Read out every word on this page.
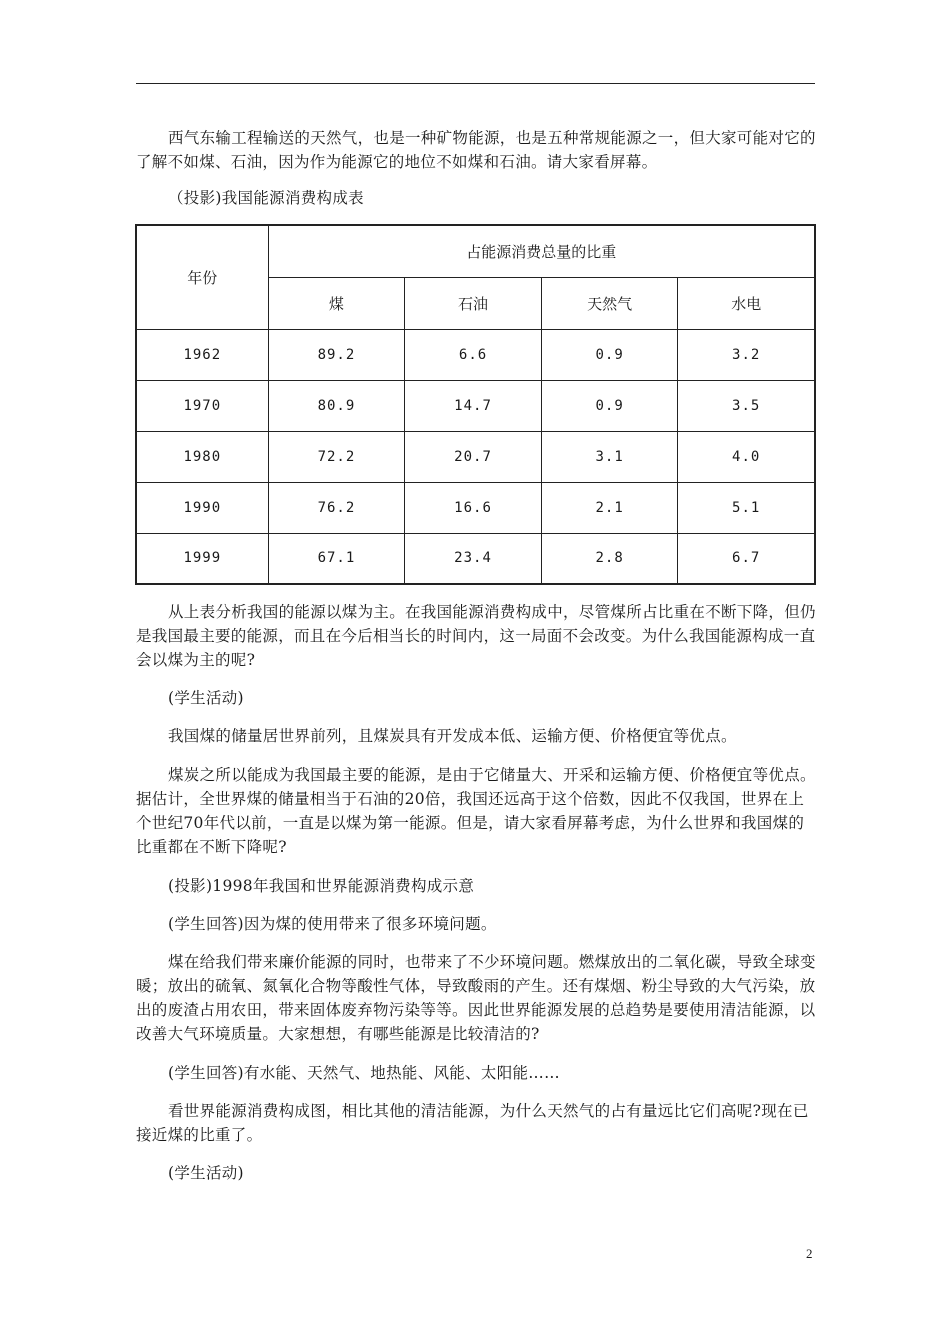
西气东输工程输送的天然气，也是一种矿物能源，也是五种常规能源之一，但大家可能对它的了解不如煤、石油，因为作为能源它的地位不如煤和石油。请大家看屏幕。

（投影)我国能源消费构成表

年份	占能源消费总量的比重			
	煤	石油	天然气	水电
1962	89.2	6.6	0.9	3.2
1970	80.9	14.7	0.9	3.5
1980	72.2	20.7	3.1	4.0
1990	76.2	16.6	2.1	5.1
1999	67.1	23.4	2.8	6.7

从上表分析我国的能源以煤为主。在我国能源消费构成中，尽管煤所占比重在不断下降，但仍是我国最主要的能源，而且在今后相当长的时间内，这一局面不会改变。为什么我国能源构成一直会以煤为主的呢?

(学生活动)

我国煤的储量居世界前列，且煤炭具有开发成本低、运输方便、价格便宜等优点。

煤炭之所以能成为我国最主要的能源，是由于它储量大、开采和运输方便、价格便宜等优点。据估计，全世界煤的储量相当于石油的20倍，我国还远高于这个倍数，因此不仅我国，世界在上个世纪70年代以前，一直是以煤为第一能源。但是，请大家看屏幕考虑，为什么世界和我国煤的比重都在不断下降呢?

(投影)1998年我国和世界能源消费构成示意

(学生回答)因为煤的使用带来了很多环境问题。

煤在给我们带来廉价能源的同时，也带来了不少环境问题。燃煤放出的二氧化碳，导致全球变暖；放出的硫氧、氮氧化合物等酸性气体，导致酸雨的产生。还有煤烟、粉尘导致的大气污染，放出的废渣占用农田，带来固体废弃物污染等等。因此世界能源发展的总趋势是要使用清洁能源，以改善大气环境质量。大家想想，有哪些能源是比较清洁的?

(学生回答)有水能、天然气、地热能、风能、太阳能……

看世界能源消费构成图，相比其他的清洁能源，为什么天然气的占有量远比它们高呢?现在已接近煤的比重了。

(学生活动)

2
